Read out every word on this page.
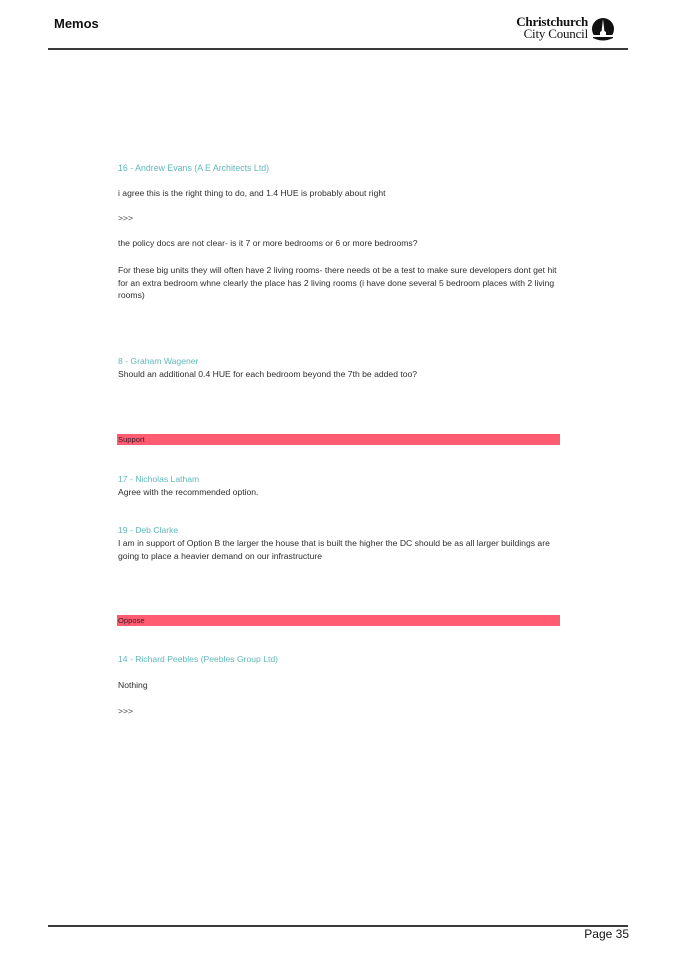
Memos	Christchurch
City Council
16 - Andrew Evans (A E Architects Ltd)
i agree this is the right thing to do, and 1.4 HUE is probably about right
>>>
the policy docs are not clear- is it 7 or more bedrooms or 6 or more bedrooms?
For these big units they will often have 2 living rooms- there needs ot be a test to make sure developers dont get hit for an extra bedroom whne clearly the place has 2 living rooms (i have done several 5 bedroom places with 2 living rooms)
8 - Graham Wagener
Should an additional 0.4 HUE for each bedroom beyond the 7th be added too?
Support
17 - Nicholas Latham
Agree with the recommended option.
19 - Deb Clarke
I am in support of Option B the larger the house that is built the higher the DC should be as all larger buildings are going to place a heavier demand on our infrastructure
Oppose
14 - Richard Peebles (Peebles Group Ltd)
Nothing
>>>
Page 35
